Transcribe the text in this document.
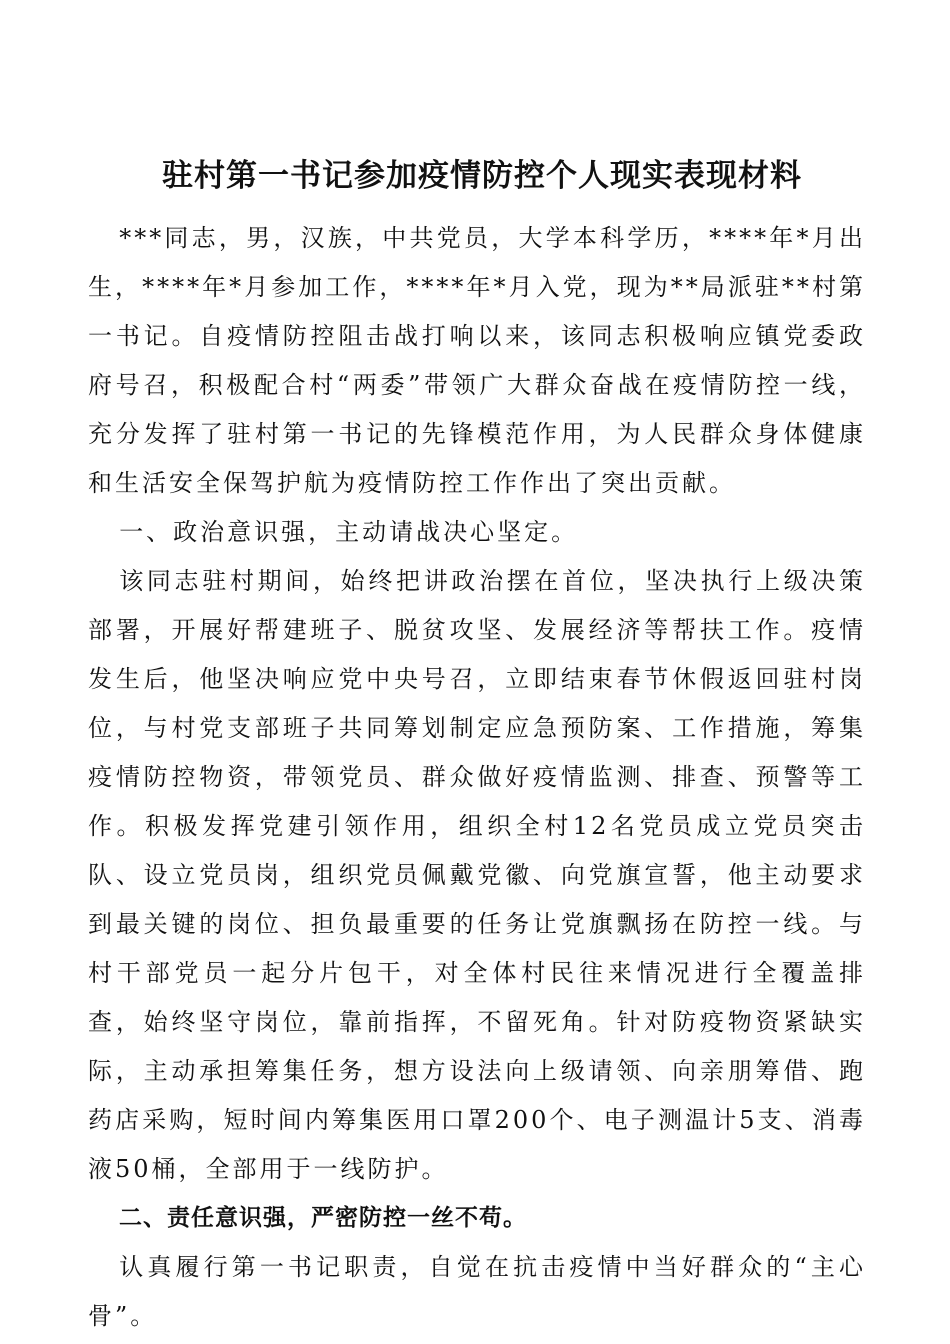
驻村第一书记参加疫情防控个人现实表现材料

***同志，男，汉族，中共党员，大学本科学历，****年*月出生，****年*月参加工作，****年*月入党，现为**局派驻**村第一书记。自疫情防控阻击战打响以来，该同志积极响应镇党委政府号召，积极配合村“两委”带领广大群众奋战在疫情防控一线，充分发挥了驻村第一书记的先锋模范作用，为人民群众身体健康和生活安全保驾护航为疫情防控工作作出了突出贡献。

一、政治意识强，主动请战决心坚定。

该同志驻村期间，始终把讲政治摆在首位，坚决执行上级决策部署，开展好帮建班子、脱贫攻坚、发展经济等帮扶工作。疫情发生后，他坚决响应党中央号召，立即结束春节休假返回驻村岗位，与村党支部班子共同筹划制定应急预防案、工作措施，筹集疫情防控物资，带领党员、群众做好疫情监测、排查、预警等工作。积极发挥党建引领作用，组织全村12名党员成立党员突击队、设立党员岗，组织党员佩戴党徽、向党旗宣誓，他主动要求到最关键的岗位、担负最重要的任务让党旗飘扬在防控一线。与村干部党员一起分片包干，对全体村民往来情况进行全覆盖排查，始终坚守岗位，靠前指挥，不留死角。针对防疫物资紧缺实际，主动承担筹集任务，想方设法向上级请领、向亲朋筹借、跑药店采购，短时间内筹集医用口罩200个、电子测温计5支、消毒液50桶，全部用于一线防护。

二、责任意识强，严密防控一丝不苟。

认真履行第一书记职责，自觉在抗击疫情中当好群众的“主心骨”。
